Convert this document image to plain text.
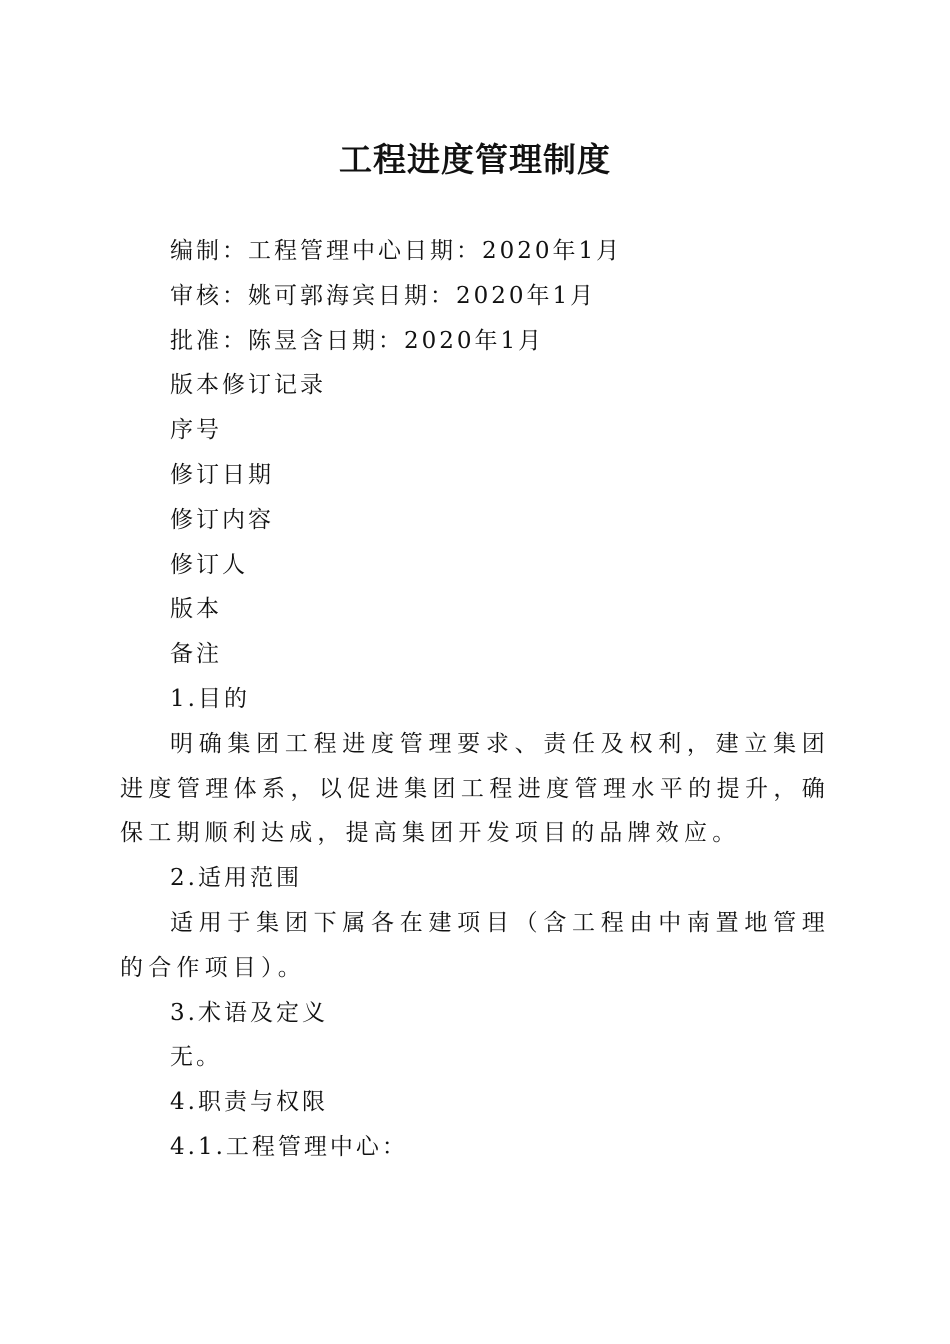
工程进度管理制度
编制：工程管理中心日期：2020年1月
审核：姚可郭海宾日期：2020年1月
批准：陈昱含日期：2020年1月
版本修订记录
序号
修订日期
修订内容
修订人
版本
备注
1.目的

明确集团工程进度管理要求、责任及权利，建立集团进度管理体系，以促进集团工程进度管理水平的提升，确保工期顺利达成，提高集团开发项目的品牌效应。

2.适用范围

适用于集团下属各在建项目（含工程由中南置地管理的合作项目）。

3.术语及定义
无。
4.职责与权限
4.1.工程管理中心：
